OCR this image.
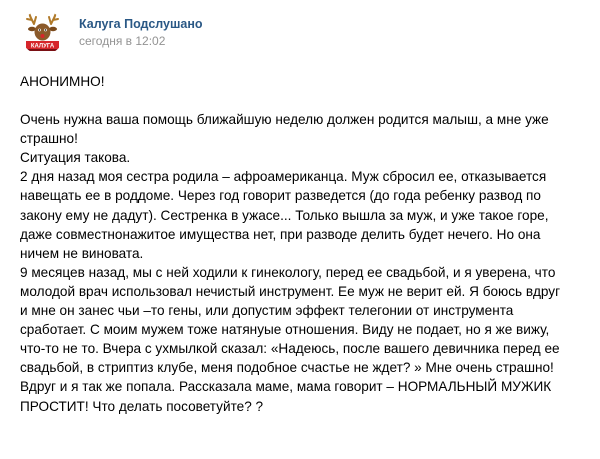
КАЛУГА
Калуга Подслушано
сегодня в 12:02
АНОНИМНО!
Очень нужна ваша помощь ближайшую неделю должен родится малыш, а мне уже
страшно!
Ситуация такова.
2 дня назад моя сестра родила – афроамериканца. Муж сбросил ее, отказывается
навещать ее в роддоме. Через год говорит разведется (до года ребенку развод по
закону ему не дадут). Сестренка в ужасе... Только вышла за муж, и уже такое горе,
даже совместнонажитое имущества нет, при разводе делить будет нечего. Но она
ничем не виновата.
9 месяцев назад, мы с ней ходили к гинекологу, перед ее свадьбой, и я уверена, что
молодой врач использовал нечистый инструмент. Ее муж не верит ей. Я боюсь вдруг
и мне он занес чьи –то гены, или допустим эффект телегонии от инструмента
сработает. С моим мужем тоже натянуые отношения. Виду не подает, но я же вижу,
что-то не то. Вчера с ухмылкой сказал: «Надеюсь, после вашего девичника перед ее
свадьбой, в стриптиз клубе, меня подобное счастье не ждет? » Мне очень страшно!
Вдруг и я так же попала. Рассказала маме, мама говорит – НОРМАЛЬНЫЙ МУЖИК
ПРОСТИТ! Что делать посоветуйте? ?
